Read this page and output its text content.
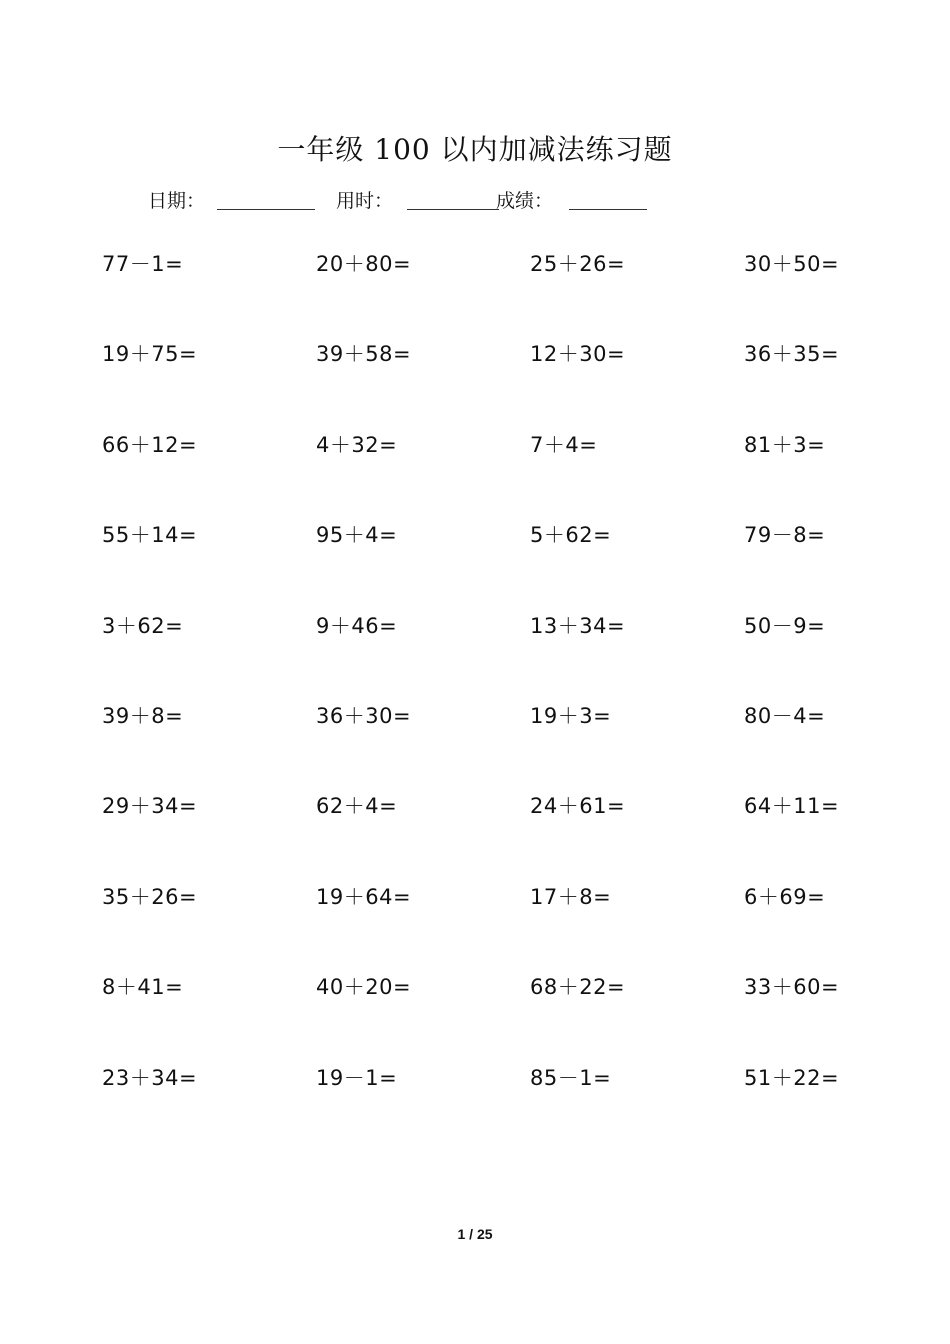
一年级 100 以内加减法练习题
日期：	用时：	成绩：
77－1=	20＋80=	25＋26=	30＋50=
19＋75=	39＋58=	12＋30=	36＋35=
66＋12=	4＋32=	7＋4=	81＋3=
55＋14=	95＋4=	5＋62=	79－8=
3＋62=	9＋46=	13＋34=	50－9=
39＋8=	36＋30=	19＋3=	80－4=
29＋34=	62＋4=	24＋61=	64＋11=
35＋26=	19＋64=	17＋8=	6＋69=
8＋41=	40＋20=	68＋22=	33＋60=
23＋34=	19－1=	85－1=	51＋22=
1 / 25
